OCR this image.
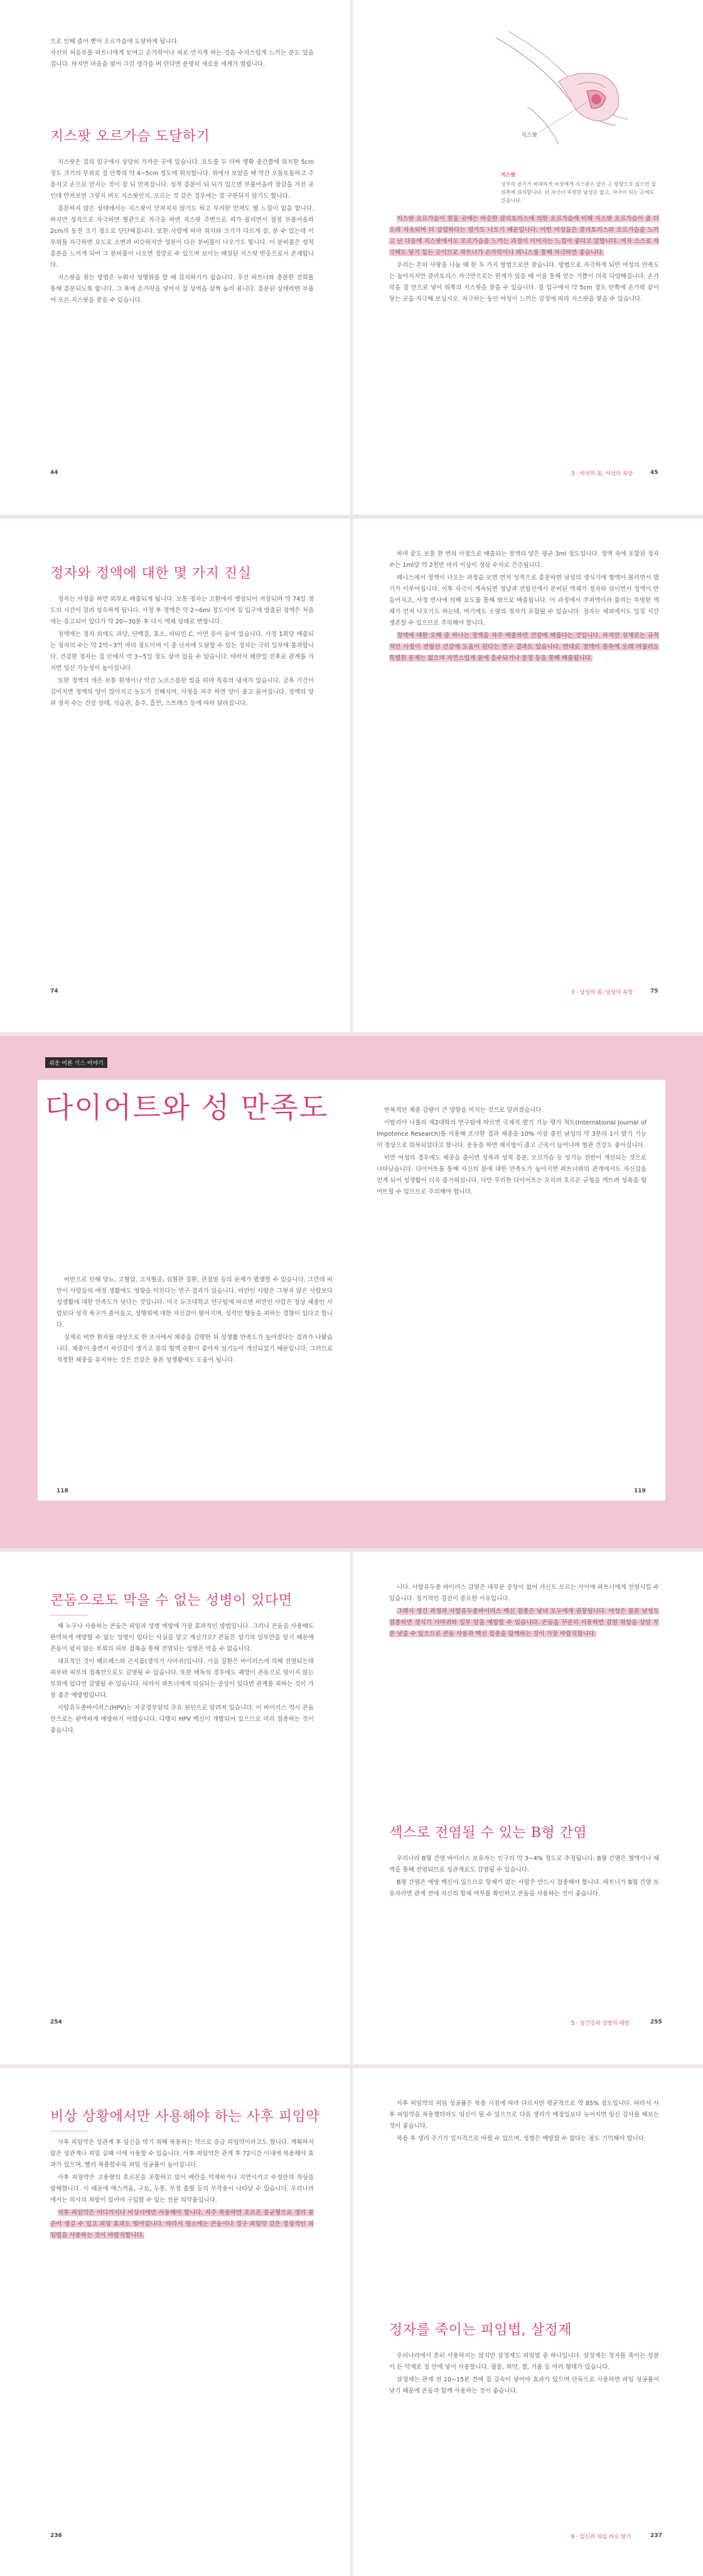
으로 인해 줄어 뻗어 오르가슴에 도달하게 됩니다.
자신의 허음부를 파트너에게 보여고 손가락이나 혀로 만지게 하는 것을 수치스럽게 느끼는 분도 있을 겁니다. 하지만 마음을 열어 그런 생각을 버 린다면 분명히 새로운 세계가 열립니다.
지스팟 오르가슴 도달하기

지스팟은 질의 입구에서 상당히 가까운 곳에 있습니다. 요도를 두 터싸 명확 중간쯤에 위치한 5cm 정도 크기의 부위로 질 안쪽의 약 4~5cm 정도에 위치합니다. 위에서 보았을 때 약간 오돌토돌하고 주름지고 손으로 만지는 것이 잘 되 만져집니다. 성적 흥분이 되 되가 있으면 부풀어올라 장감을 가진 곳 인데 만져보면 그렇지 버도 지스팟인지, 모르는 것 같은 경우에는 잘 구분되지 않기도 합니다.

흥분하지 않은 상태에서는 지스팟이 만져지지 않기도 하고 무리한 만져도 별 느낌이 없을 합니다. 하지만 성적으로 자극하면 혈관으로 자극을 하면 지스팟 주변으로 피가 몰리면서 점점 부풀어올라 2cm의 동전 크기 정도로 단단해집니다. 또한 사람에 따라 위치와 크기가 다르게 잘, 분 수 있는데 이 부위를 자극하면 요도로 소변과 비슷하지만 성분이 다른 분비물이 나오기도 합니다. 이 분비물은 성적 흥분을 느끼게 되어 그 분비물이 나오면 정말로 수 있으며 보이는 배설된 지스팟 반응으로서 존재합니다.

지스팟을 찾는 방법은 누워서 성행위를 할 때 감지하기가 쉽습니다. 우선 파트너와 충분한 전희를 통해 흥분되도록 합니다. 그 후에 손가락을 넣어서 질 상벽을 살짝 눌러 봅니다. 흥분된 상태라면 부풀어 오른 지스팟을 찾을 수 있습니다.

44
지스팟
지스팟
상부의 골기가 비대하게 여성에게 지스팟은 얕은 곳 방향으로 있으면 질 위쪽에 위치합니다. 더 자극이 뚜렷한 남성은 없고, 자극이 되는 곳에도 있습니다.

지스팟 오르가슴이 찾을 곳에는 비슷한 클리토리스에 의한 오르가슴에 비해 지스팟 오르가슴이 좀 더 오래 지속되며 더 강렬하다는 평가도 나오기 때문입니다. 어떤 여성들은 클리토리스와 오르가슴을 느끼고 난 다음에 지스팟에서도 오르가슴을 느끼는 과정이 이어지는 느낌이 좋다고 말합니다. 여자 스스로 자극해도 닿기 힘든 곳이므로 파트너가 손가락이나 페니스를 통해 자극하면 좋습니다.

우리는 흔히 사랑을 나눌 때 한 두 가지 방법으로만 찾습니다. 방법으로 자극하게 되면 여성의 만족도는 높아지지만 클리토리스 자극만으로는 한계가 있을 때 이를 통해 얻는 기쁨이 더욱 다양해집니다. 손가락을 질 안으로 넣어 위쪽의 지스팟을 찾을 수 있습니다. 질 입구에서 약 5cm 정도 안쪽에 손가락 끝이 닿는 곳을 자극해 보십시오. 자극하는 동안 여성이 느끼는 감정에 따라 지스팟을 찾을 수 있습니다.

3 · 여성의 몸, 여성의 욕망	45
정자와 정액에 대한 몇 가지 진실

정자는 사정을 하면 외부로 배출되게 됩니다. 보통 정자는 고환에서 생성되어 저장되며 약 74일 정도의 시간이 걸려 성숙하게 됩니다. 사정 후 정액은 약 2~6ml 정도이며 질 입구에 방출된 정액은 처음에는 응고되어 있다가 약 20~30분 후 다시 액체 상태로 변합니다.

정액에는 정자 외에도 과당, 단백질, 효소, 비타민 C, 아연 등이 들어 있습니다. 사정 1회당 배출되는 정자의 수는 약 2억~3억 마리 정도이며 이 중 난자에 도달할 수 있는 정자는 극히 일부에 불과합니다. 건강한 정자는 질 안에서 약 3~5일 정도 살아 있을 수 있습니다. 따라서 배란일 전후로 관계를 가지면 임신 가능성이 높아집니다.

또한 정액의 색은 보통 흰색이나 약간 노르스름한 빛을 띠며 특유의 냄새가 있습니다. 금욕 기간이 길어지면 정액의 양이 많아지고 농도가 진해지며, 사정을 자주 하면 양이 줄고 묽어집니다. 정액의 양과 정자 수는 건강 상태, 식습관, 음주, 흡연, 스트레스 등에 따라 달라집니다.

74

하며 끝도 보통 한 번의 사정으로 배출되는 정액의 양은 평균 3ml 정도입니다. 정액 속에 포함된 정자 수는 1ml당 약 2천만 마리 이상이 정상 수치로 간주됩니다.

페니스에서 정액이 나오는 과정을 보면 먼저 성적으로 흥분하면 남성의 생식기에 혈액이 몰리면서 발기가 이루어집니다. 이후 자극이 계속되면 정낭과 전립선에서 분비된 액체가 정자와 섞이면서 정액이 만들어지고, 사정 반사에 의해 요도를 통해 밖으로 배출됩니다. 이 과정에서 쿠퍼액이라 불리는 투명한 액체가 먼저 나오기도 하는데, 여기에도 소량의 정자가 포함될 수 있습니다. 정자는 체외에서도 일정 시간 생존할 수 있으므로 주의해야 합니다.

정액에 대한 오해 중 하나는 정액을 자주 배출하면 건강에 해롭다는 것입니다. 하지만 실제로는 규칙적인 사정이 전립선 건강에 도움이 된다는 연구 결과도 있습니다. 반대로 정액이 몸속에 오래 머물러도 특별한 문제는 없으며 자연스럽게 몸에 흡수되거나 몽정 등을 통해 배출됩니다.

3 · 남성의 몸, 남성의 욕망	75
쉬운 이론 섹스 이야기
다이어트와 성 만족도

비만으로 인해 당뇨, 고혈압, 고지혈증, 심혈관 질환, 관절염 등의 문제가 발생할 수 있습니다. 그런데 비만이 사람들의 애정 생활에도 영향을 미친다는 연구 결과가 있습니다. 비만인 사람은 그렇지 않은 사람보다 성생활에 대한 만족도가 낮다는 것입니다. 미국 듀크대학교 연구팀에 따르면 비만인 사람은 정상 체중인 사람보다 성적 욕구가 줄어들고, 성행위에 대한 자신감이 떨어지며, 성적인 행동을 피하는 경향이 있다고 합니다.

실제로 비만 환자를 대상으로 한 조사에서 체중을 감량한 뒤 성생활 만족도가 높아졌다는 결과가 나왔습니다. 체중이 줄면서 자신감이 생기고 몸의 혈액 순환이 좋아져 성기능이 개선되었기 때문입니다. 그러므로 적정한 체중을 유지하는 것은 건강은 물론 성생활에도 도움이 됩니다.

반복적인 체중 감량이 큰 영향을 미치는 것으로 알려졌습니다.

이탈리아 나폴리 제2대학의 연구팀에 따르면 국제적 발기 기능 평가 척도(International Journal of Impotence Research)를 이용해 조사한 결과 체중을 10% 이상 줄인 남성의 약 3분의 1이 발기 기능이 정상으로 회복되었다고 합니다. 운동을 하면 체지방이 줄고 근육이 늘어나며 혈관 건강도 좋아집니다.

비만 여성의 경우에도 체중을 줄이면 성욕과 성적 흥분, 오르가슴 등 성기능 전반이 개선되는 것으로 나타났습니다. 다이어트를 통해 자신의 몸에 대한 만족도가 높아지면 파트너와의 관계에서도 자신감을 얻게 되어 성생활이 더욱 즐거워집니다. 다만 무리한 다이어트는 오히려 호르몬 균형을 깨뜨려 성욕을 떨어뜨릴 수 있으므로 주의해야 합니다.

118	119
콘돔으로도 막을 수 없는 성병이 있다면

해 누구나 사용하는 콘돔은 피임과 성병 예방에 가장 효과적인 방법입니다. 그러나 콘돔을 사용해도 완벽하게 예방할 수 없는 성병이 있다는 사실을 알고 계신가요? 콘돔은 성기의 일부만을 덮기 때문에 콘돔이 덮지 않는 부위의 피부 접촉을 통해 전염되는 성병은 막을 수 없습니다.

대표적인 것이 헤르페스와 곤지름(생식기 사마귀)입니다. 이들 질환은 바이러스에 의해 전염되는데 피부와 피부의 접촉만으로도 감염될 수 있습니다. 또한 매독의 경우에도 궤양이 콘돔으로 덮이지 않는 부위에 있다면 감염될 수 있습니다. 따라서 파트너에게 의심되는 증상이 있다면 관계를 피하는 것이 가장 좋은 예방법입니다.

사람유두종바이러스(HPV)는 자궁경부암의 주요 원인으로 알려져 있습니다. 이 바이러스 역시 콘돔만으로는 완벽하게 예방하기 어렵습니다. 다행히 HPV 백신이 개발되어 있으므로 미리 접종하는 것이 좋습니다.

254

니다. 사람유두종 바이러스 감염은 대부분 증상이 없어 자신도 모르는 사이에 파트너에게 전염시킬 수 있습니다. 정기적인 검진이 중요한 이유입니다.

그래서 생긴 과정과 사람유두종바이러스 백신 접종은 남녀 모두에게 권장됩니다. 여성은 물론 남성도 접종하면 생식기 사마귀와 일부 암을 예방할 수 있습니다. 콘돔을 꾸준히 사용하면 감염 위험을 상당 부분 낮출 수 있으므로 콘돔 사용과 백신 접종을 함께하는 것이 가장 바람직합니다.

섹스로 전염될 수 있는 B형 간염

우리나라 B형 간염 바이러스 보유자는 인구의 약 3~4% 정도로 추정됩니다. B형 간염은 혈액이나 체액을 통해 전염되므로 성관계로도 감염될 수 있습니다.

B형 간염은 예방 백신이 있으므로 항체가 없는 사람은 반드시 접종해야 합니다. 파트너가 B형 간염 보유자라면 관계 전에 자신의 항체 여부를 확인하고 콘돔을 사용하는 것이 좋습니다.

5 · 성건강과 성병의 예방	255
비상 상황에서만 사용해야 하는 사후 피임약

사후 피임약은 성관계 후 임신을 막기 위해 복용하는 약으로 응급 피임약이라고도 합니다. 계획하지 않은 성관계나 피임 실패 시에 사용할 수 있습니다. 사후 피임약은 관계 후 72시간 이내에 복용해야 효과가 있으며, 빨리 복용할수록 피임 성공률이 높아집니다.

사후 피임약은 고용량의 호르몬을 포함하고 있어 배란을 억제하거나 지연시키고 수정란의 착상을 방해합니다. 이 때문에 메스꺼움, 구토, 두통, 부정 출혈 등의 부작용이 나타날 수 있습니다. 우리나라에서는 의사의 처방이 있어야 구입할 수 있는 전문 의약품입니다.

사후 피임약은 어디까지나 비상시에만 사용해야 합니다. 자주 복용하면 호르몬 불균형으로 생리 불순이 생길 수 있고 피임 효과도 떨어집니다. 따라서 평소에는 콘돔이나 경구 피임약 같은 정상적인 피임법을 사용하는 것이 바람직합니다.

236

사후 피임약의 피임 성공률은 복용 시점에 따라 다르지만 평균적으로 약 85% 정도입니다. 따라서 사후 피임약을 복용했더라도 임신이 될 수 있으므로 다음 생리가 예정일보다 늦어지면 임신 검사를 해보는 것이 좋습니다.

복용 후 생리 주기가 일시적으로 바뀔 수 있으며, 성병은 예방할 수 없다는 점도 기억해야 합니다.

정자를 죽이는 피임법, 살정제

우리나라에서 흔히 사용하지는 않지만 살정제도 피임법 중 하나입니다. 살정제는 정자를 죽이는 성분이 든 약제로 질 안에 넣어 사용합니다. 필름, 좌약, 젤, 거품 등 여러 형태가 있습니다.

살정제는 관계 전 10~15분 전에 질 깊숙이 넣어야 효과가 있으며 단독으로 사용하면 피임 성공률이 낮기 때문에 콘돔과 함께 사용하는 것이 좋습니다.

6 · 임신과 피임 바로 알기	237
